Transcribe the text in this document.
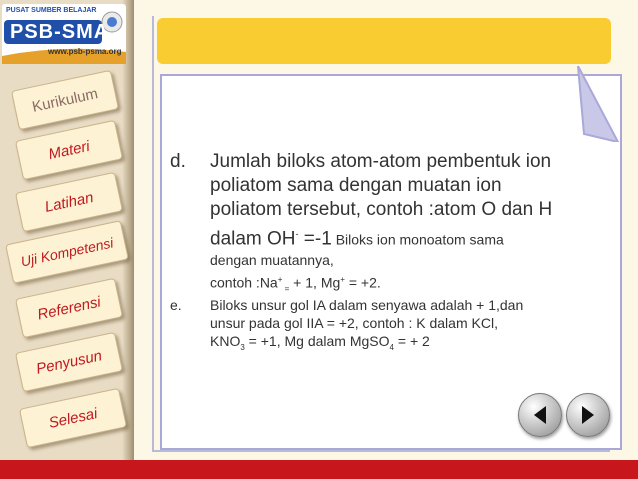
PUSAT SUMBER BELAJAR
PSB-SMA
www.psb-psma.org
Kurikulum
Materi
Latihan
Uji Kompetensi
Referensi
Penyusun
Selesai
d. Jumlah biloks atom-atom pembentuk ion
poliatom sama dengan muatan ion
poliatom tersebut, contoh :atom O dan H
dalam OH- =-1 Biloks ion monoatom sama
dengan muatannya,
contoh :Na+ $_=$ + 1, Mg+ = +2.
e. Biloks unsur gol IA dalam senyawa adalah + 1,dan
unsur pada gol IIA = +2, contoh : K dalam KCl,
$KNO_3 = +1$, Mg dalam MgSO$_4$ = + 2
